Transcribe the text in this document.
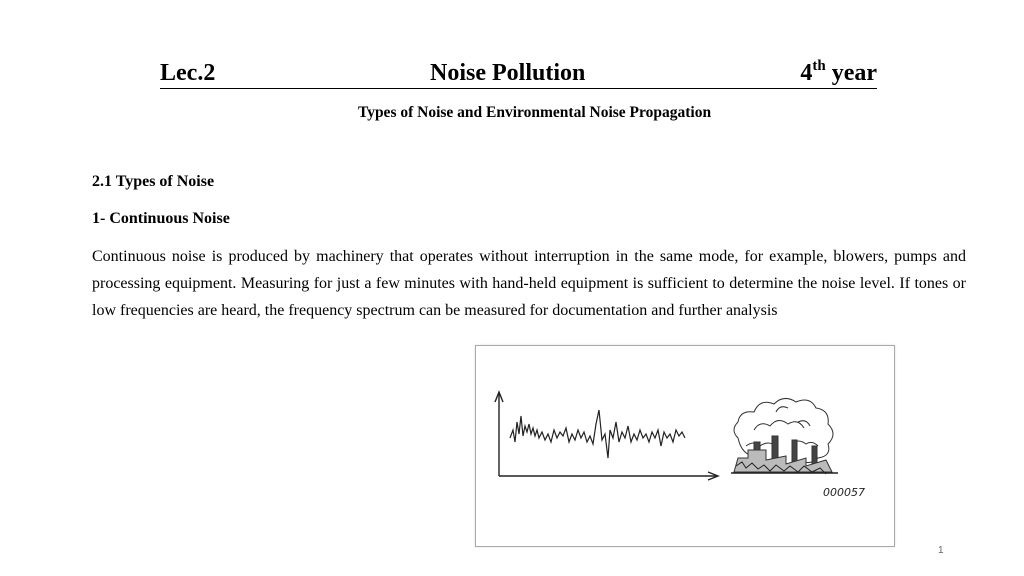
Lec.2	Noise Pollution	4th year
Types of Noise and Environmental Noise Propagation
2.1 Types of Noise
1- Continuous Noise
Continuous noise is produced by machinery that operates without interruption in the same mode, for example, blowers, pumps and processing equipment. Measuring for just a few minutes with hand-held equipment is sufficient to determine the noise level. If tones or low frequencies are heard, the frequency spectrum can be measured for documentation and further analysis
000057
1
